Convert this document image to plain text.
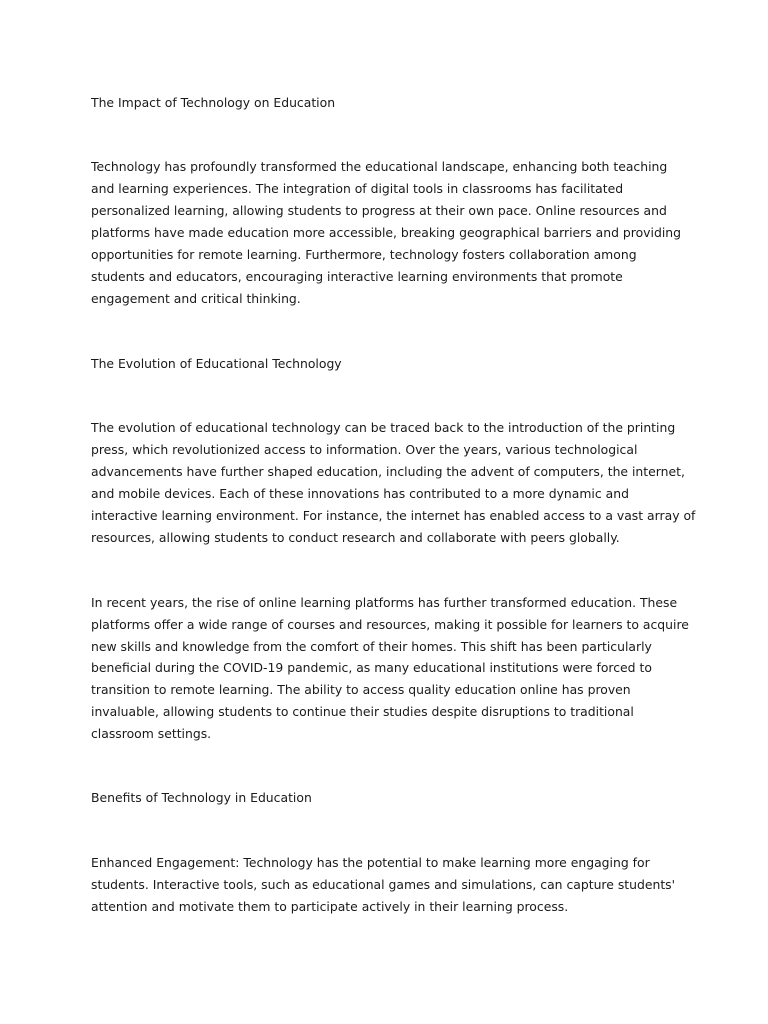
The Impact of Technology on Education

Technology has profoundly transformed the educational landscape, enhancing both teaching

and learning experiences. The integration of digital tools in classrooms has facilitated

personalized learning, allowing students to progress at their own pace. Online resources and

platforms have made education more accessible, breaking geographical barriers and providing

opportunities for remote learning. Furthermore, technology fosters collaboration among

students and educators, encouraging interactive learning environments that promote

engagement and critical thinking.

The Evolution of Educational Technology

The evolution of educational technology can be traced back to the introduction of the printing

press, which revolutionized access to information. Over the years, various technological

advancements have further shaped education, including the advent of computers, the internet,

and mobile devices. Each of these innovations has contributed to a more dynamic and

interactive learning environment. For instance, the internet has enabled access to a vast array of

resources, allowing students to conduct research and collaborate with peers globally.

In recent years, the rise of online learning platforms has further transformed education. These

platforms offer a wide range of courses and resources, making it possible for learners to acquire

new skills and knowledge from the comfort of their homes. This shift has been particularly

beneficial during the COVID-19 pandemic, as many educational institutions were forced to

transition to remote learning. The ability to access quality education online has proven

invaluable, allowing students to continue their studies despite disruptions to traditional

classroom settings.

Benefits of Technology in Education

Enhanced Engagement: Technology has the potential to make learning more engaging for

students. Interactive tools, such as educational games and simulations, can capture students'

attention and motivate them to participate actively in their learning process.
